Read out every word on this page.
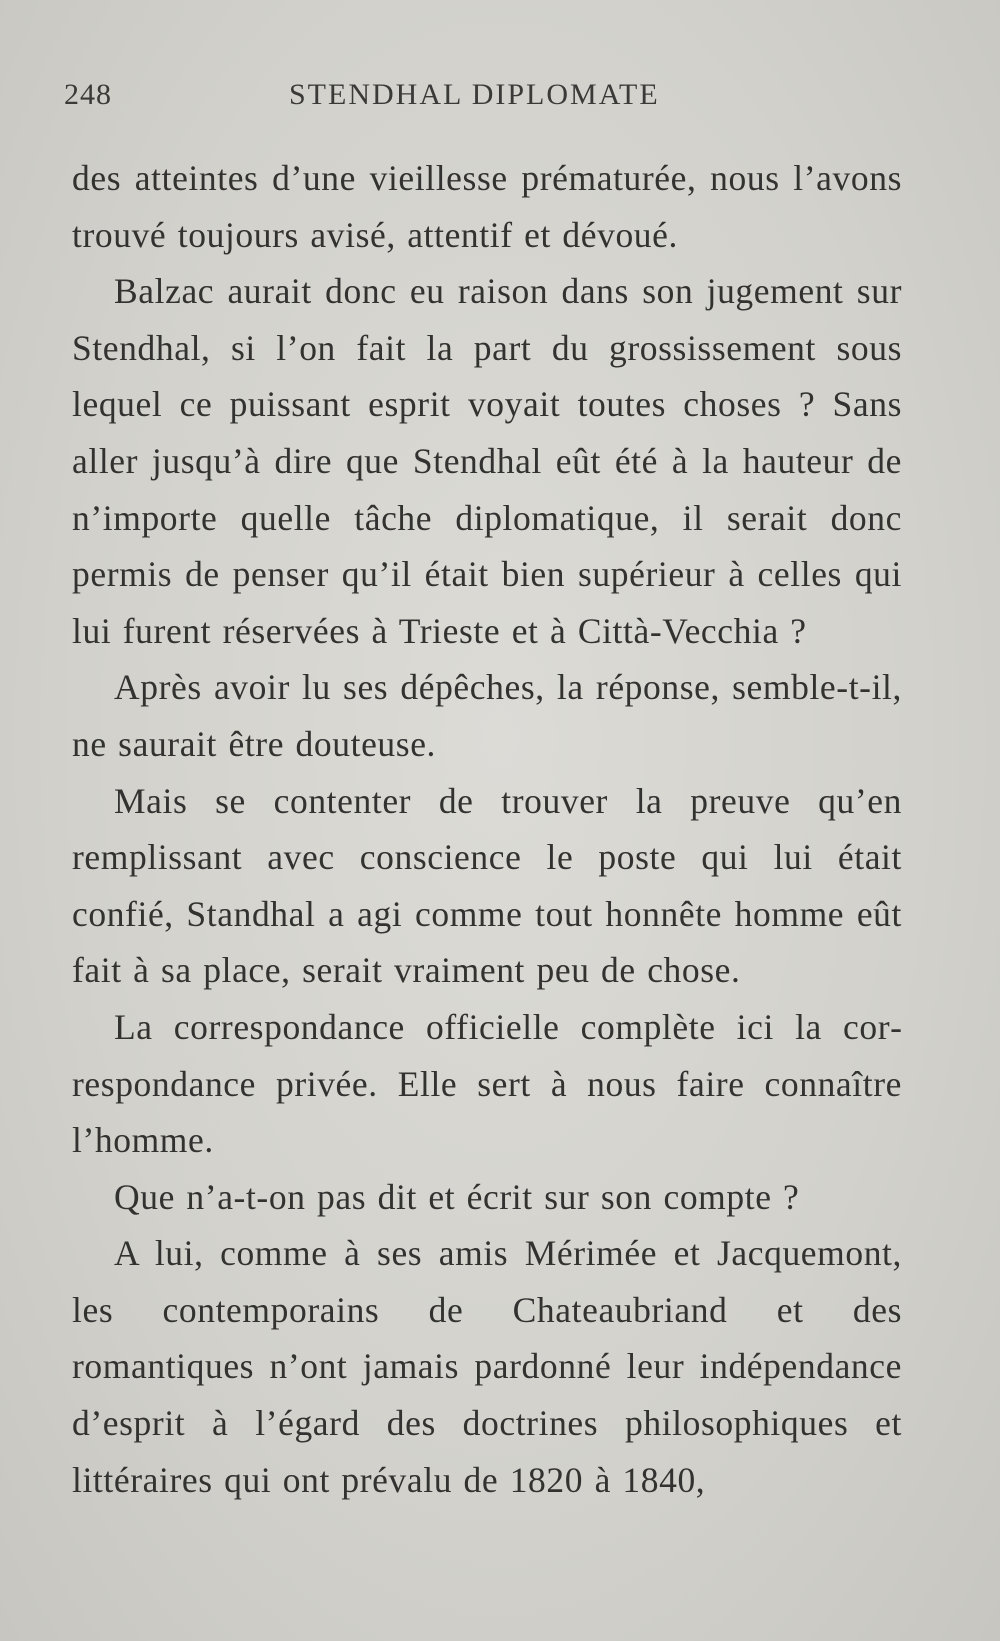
248	STENDHAL DIPLOMATE

des atteintes d’une vieillesse prématurée, nous l’avons trouvé toujours avisé, attentif et dévoué.

Balzac aurait donc eu raison dans son jugement sur Stendhal, si l’on fait la part du grossissement sous lequel ce puissant esprit voyait toutes choses ? Sans aller jusqu’à dire que Stendhal eût été à la hauteur de n’importe quelle tâche diplomatique, il serait donc permis de penser qu’il était bien supérieur à celles qui lui furent réservées à Trieste et à Città-Vecchia ?

Après avoir lu ses dépêches, la réponse, semble-t-il, ne saurait être douteuse.

Mais se contenter de trouver la preuve qu’en remplissant avec conscience le poste qui lui était confié, Standhal a agi comme tout honnête homme eût fait à sa place, serait vraiment peu de chose.

La correspondance officielle complète ici la correspondance privée. Elle sert à nous faire connaître l’homme.

Que n’a-t-on pas dit et écrit sur son compte ?

A lui, comme à ses amis Mérimée et Jacquemont, les contemporains de Chateaubriand et des romantiques n’ont jamais pardonné leur indépendance d’esprit à l’égard des doctrines philosophiques et littéraires qui ont prévalu de 1820 à 1840,
